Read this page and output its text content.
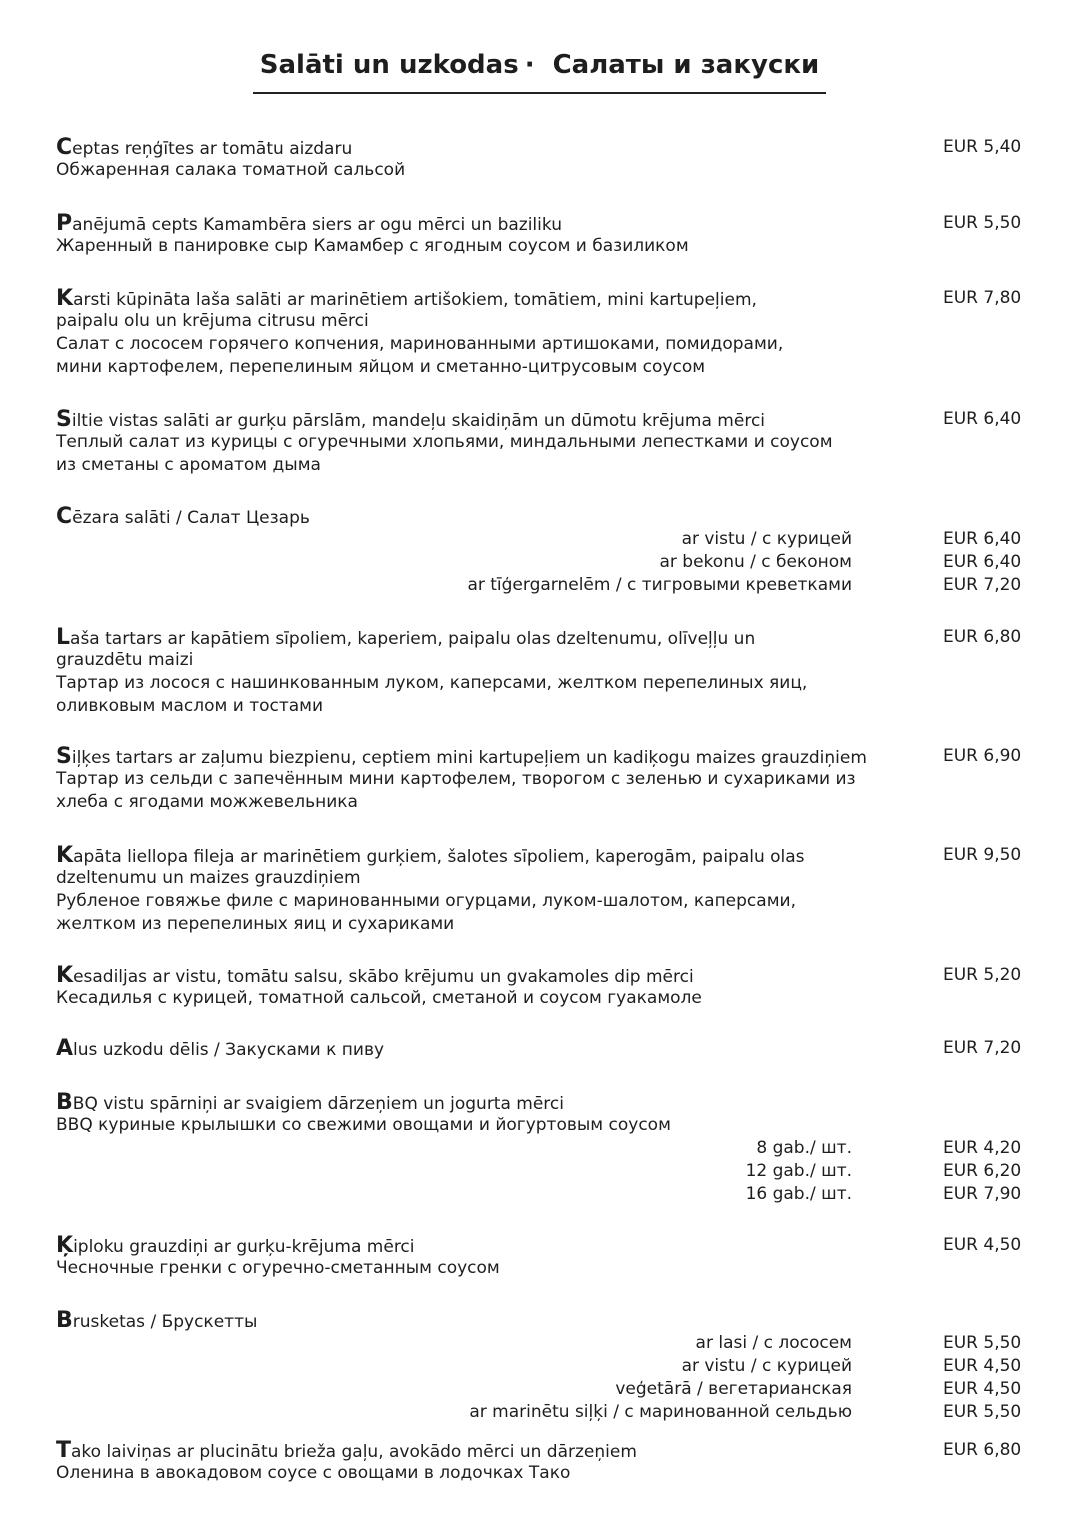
Salāti un uzkodas · Салаты и закуски
Ceptas reņģītes ar tomātu aizdaru	EUR 5,40
Обжаренная салака томатной сальсой
Panējumā cepts Kamambēra siers ar ogu mērci un baziliku	EUR 5,50
Жаренный в панировке сыр Камамбер с ягодным соусом и базиликом
Karsti kūpināta laša salāti ar marinētiem artišokiem, tomātiem, mini kartupeļiem,	EUR 7,80
paipalu olu un krējuma citrusu mērci
Салат с лососем горячего копчения, маринованными артишоками, помидорами,
мини картофелем, перепелиным яйцом и сметанно-цитрусовым соусом
Siltie vistas salāti ar gurķu pārslām, mandeļu skaidiņām un dūmotu krējuma mērci	EUR 6,40
Теплый салат из курицы с огуречными хлопьями, миндальными лепестками и соусом
из сметаны с ароматом дыма
Cēzara salāti / Салат Цезарь
ar vistu / с курицей	EUR 6,40
ar bekonu / с беконом	EUR 6,40
ar tīģergarnelēm / с тигровыми креветками	EUR 7,20
Laša tartars ar kapātiem sīpoliem, kaperiem, paipalu olas dzeltenumu, olīveļļu un	EUR 6,80
grauzdētu maizi
Тартар из лосося с нашинкованным луком, каперсами, желтком перепелиных яиц,
оливковым маслом и тостами
Siļķes tartars ar zaļumu biezpienu, ceptiem mini kartupeļiem un kadiķogu maizes grauzdiņiem	EUR 6,90
Тартар из сельди с запечённым мини картофелем, творогом с зеленью и сухариками из
хлеба с ягодами можжевельника
Kapāta liellopa fileja ar marinētiem gurķiem, šalotes sīpoliem, kaperogām, paipalu olas	EUR 9,50
dzeltenumu un maizes grauzdiņiem
Рубленое говяжье филе с маринованными огурцами, луком-шалотом, каперсами,
желтком из перепелиных яиц и сухариками
Kesadiljas ar vistu, tomātu salsu, skābo krējumu un gvakamoles dip mērci	EUR 5,20
Кесадилья с курицей, томатной сальсой, сметаной и соусом гуакамоле
Alus uzkodu dēlis / Закусками к пиву	EUR 7,20
BBQ vistu spārniņi ar svaigiem dārzeņiem un jogurta mērci
BBQ куриные крылышки со свежими овощами и йогуртовым соусом
8 gab./ шт.	EUR 4,20
12 gab./ шт.	EUR 6,20
16 gab./ шт.	EUR 7,90
Ķiploku grauzdiņi ar gurķu-krējuma mērci	EUR 4,50
Чесночные гренки с огуречно-сметанным соусом
Brusketas / Брускетты
ar lasi / с лососем	EUR 5,50
ar vistu / с курицей	EUR 4,50
veģetārā / вегетарианская	EUR 4,50
ar marinētu siļķi / с маринованной сельдью	EUR 5,50
Tako laiviņas ar plucinātu brieža gaļu, avokādo mērci un dārzeņiem	EUR 6,80
Оленина в авокадовом соусе с овощами в лодочках Тако
